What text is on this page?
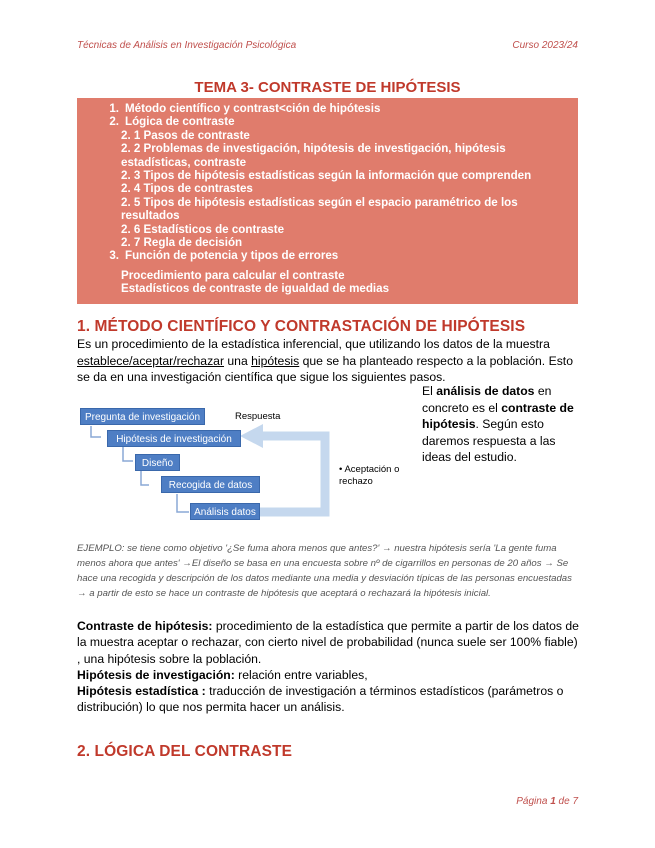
Técnicas de Análisis en Investigación Psicológica	Curso 2023/24
TEMA 3- CONTRASTE DE HIPÓTESIS
1. Método científico y contrast<ción de hipótesis
2. Lógica de contraste
2. 1 Pasos de contraste
2. 2 Problemas de investigación, hipótesis de investigación, hipótesis estadísticas, contraste
2. 3 Tipos de hipótesis estadísticas según la información que comprenden
2. 4 Tipos de contrastes
2. 5 Tipos de hipótesis estadísticas según el espacio paramétrico de los resultados
2. 6 Estadísticos de contraste
2. 7 Regla de decisión
3. Función de potencia y tipos de errores
Procedimiento para calcular el contraste
Estadísticos de contraste de igualdad de medias
1. MÉTODO CIENTÍFICO Y CONTRASTACIÓN DE HIPÓTESIS
Es un procedimiento de la estadística inferencial, que utilizando los datos de la muestra establece/aceptar/rechazar una hipótesis que se ha planteado respecto a la población. Esto se da en una investigación científica que sigue los siguientes pasos.
El análisis de datos en concreto es el contraste de hipótesis. Según esto daremos respuesta a las ideas del estudio.
Pregunta de investigación	Respuesta
Hipótesis de investigación
Diseño
Recogida de datos
Análisis datos
• Aceptación o rechazo
EJEMPLO: se tiene como objetivo '¿Se fuma ahora menos que antes?' → nuestra hipótesis sería 'La gente fuma menos ahora que antes' →El diseño se basa en una encuesta sobre nº de cigarrillos en personas de 20 años → Se hace una recogida y descripción de los datos mediante una media y desviación típicas de las personas encuestadas → a partir de esto se hace un contraste de hipótesis que aceptará o rechazará la hipótesis inicial.
Contraste de hipótesis: procedimiento de la estadística que permite a partir de los datos de la muestra aceptar o rechazar, con cierto nivel de probabilidad (nunca suele ser 100% fiable) , una hipótesis sobre la población.
Hipótesis de investigación: relación entre variables,
Hipótesis estadística : traducción de investigación a términos estadísticos (parámetros o distribución) lo que nos permita hacer un análisis.
2. LÓGICA DEL CONTRASTE
Página 1 de 7
